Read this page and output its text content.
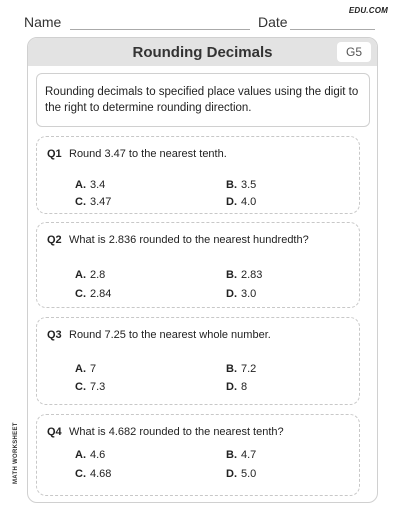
Name	Date
EDU.COM
Rounding Decimals	G5
Rounding decimals to specified place values using the digit to the right to determine rounding direction.
Q1 Round 3.47 to the nearest tenth.
A. 3.4	B. 3.5
C. 3.47	D. 4.0
Q2 What is 2.836 rounded to the nearest hundredth?
A. 2.8	B. 2.83
C. 2.84	D. 3.0
Q3 Round 7.25 to the nearest whole number.
A. 7	B. 7.2
C. 7.3	D. 8
Q4 What is 4.682 rounded to the nearest tenth?
A. 4.6	B. 4.7
C. 4.68	D. 5.0
MATH WORKSHEET
